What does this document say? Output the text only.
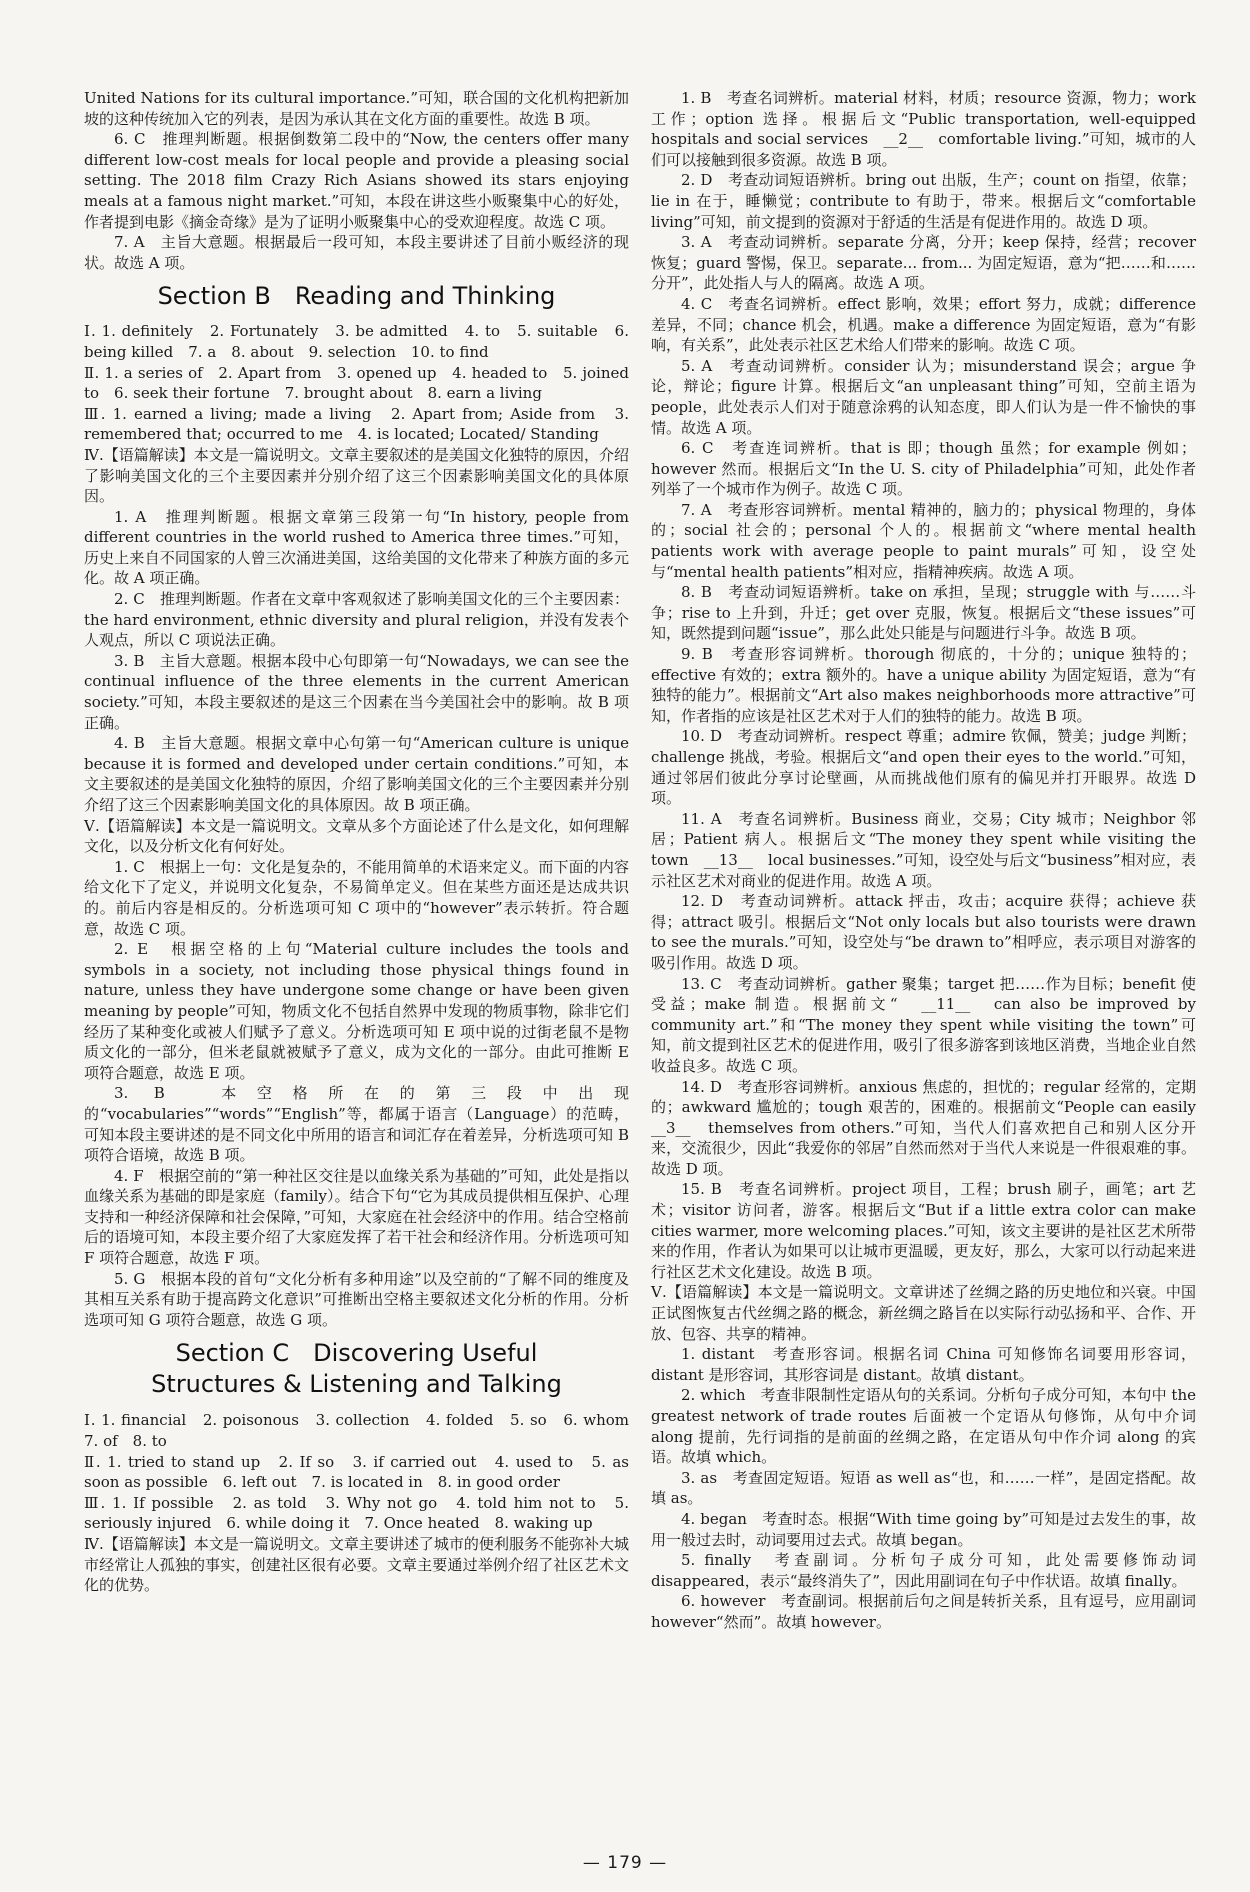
United Nations for its cultural importance.”可知，联合国的文化机构把新加坡的这种传统加入它的列表，是因为承认其在文化方面的重要性。故选 B 项。

6. C　推理判断题。根据倒数第二段中的“Now, the centers offer many different low-cost meals for local people and provide a pleasing social setting. The 2018 film Crazy Rich Asians showed its stars enjoying meals at a famous night market.”可知，本段在讲这些小贩聚集中心的好处，作者提到电影《摘金奇缘》是为了证明小贩聚集中心的受欢迎程度。故选 C 项。

7. A　主旨大意题。根据最后一段可知，本段主要讲述了目前小贩经济的现状。故选 A 项。

Section B　Reading and Thinking

Ⅰ. 1. definitely　2. Fortunately　3. be admitted　4. to　5. suitable　6. being killed　7. a　8. about　9. selection　10. to find

Ⅱ. 1. a series of　2. Apart from　3. opened up　4. headed to　5. joined to　6. seek their fortune　7. brought about　8. earn a living

Ⅲ. 1. earned a living; made a living　2. Apart from; Aside from　3. remembered that; occurred to me　4. is located; Located/ Standing

Ⅳ.【语篇解读】本文是一篇说明文。文章主要叙述的是美国文化独特的原因，介绍了影响美国文化的三个主要因素并分别介绍了这三个因素影响美国文化的具体原因。

1. A　推理判断题。根据文章第三段第一句“In history, people from different countries in the world rushed to America three times.”可知，历史上来自不同国家的人曾三次涌进美国，这给美国的文化带来了种族方面的多元化。故 A 项正确。

2. C　推理判断题。作者在文章中客观叙述了影响美国文化的三个主要因素：the hard environment, ethnic diversity and plural religion，并没有发表个人观点，所以 C 项说法正确。

3. B　主旨大意题。根据本段中心句即第一句“Nowadays, we can see the continual influence of the three elements in the current American society.”可知，本段主要叙述的是这三个因素在当今美国社会中的影响。故 B 项正确。

4. B　主旨大意题。根据文章中心句第一句“American culture is unique because it is formed and developed under certain conditions.”可知，本文主要叙述的是美国文化独特的原因，介绍了影响美国文化的三个主要因素并分别介绍了这三个因素影响美国文化的具体原因。故 B 项正确。

Ⅴ.【语篇解读】本文是一篇说明文。文章从多个方面论述了什么是文化，如何理解文化，以及分析文化有何好处。

1. C　根据上一句：文化是复杂的，不能用简单的术语来定义。而下面的内容给文化下了定义，并说明文化复杂，不易简单定义。但在某些方面还是达成共识的。前后内容是相反的。分析选项可知 C 项中的“however”表示转折。符合题意，故选 C 项。

2. E　根据空格的上句“Material culture includes the tools and symbols in a society, not including those physical things found in nature, unless they have undergone some change or have been given meaning by people”可知，物质文化不包括自然界中发现的物质事物，除非它们经历了某种变化或被人们赋予了意义。分析选项可知 E 项中说的过街老鼠不是物质文化的一部分，但米老鼠就被赋予了意义，成为文化的一部分。由此可推断 E 项符合题意，故选 E 项。

3. B　本空格所在的第三段中出现的“vocabularies”“words”“English”等，都属于语言（Language）的范畴，可知本段主要讲述的是不同文化中所用的语言和词汇存在着差异，分析选项可知 B 项符合语境，故选 B 项。

4. F　根据空前的“第一种社区交往是以血缘关系为基础的”可知，此处是指以血缘关系为基础的即是家庭（family）。结合下句“它为其成员提供相互保护、心理支持和一种经济保障和社会保障，”可知，大家庭在社会经济中的作用。结合空格前后的语境可知，本段主要介绍了大家庭发挥了若干社会和经济作用。分析选项可知 F 项符合题意，故选 F 项。

5. G　根据本段的首句“文化分析有多种用途”以及空前的“了解不同的维度及其相互关系有助于提高跨文化意识”可推断出空格主要叙述文化分析的作用。分析选项可知 G 项符合题意，故选 G 项。

Section C　Discovering Useful
Structures & Listening and Talking

Ⅰ. 1. financial　2. poisonous　3. collection　4. folded　5. so　6. whom　7. of　8. to

Ⅱ. 1. tried to stand up　2. If so　3. if carried out　4. used to　5. as soon as possible　6. left out　7. is located in　8. in good order

Ⅲ. 1. If possible　2. as told　3. Why not go　4. told him not to　5. seriously injured　6. while doing it　7. Once heated　8. waking up

Ⅳ.【语篇解读】本文是一篇说明文。文章主要讲述了城市的便利服务不能弥补大城市经常让人孤独的事实，创建社区很有必要。文章主要通过举例介绍了社区艺术文化的优势。

1. B　考查名词辨析。material 材料，材质；resource 资源，物力；work 工作；option 选择。根据后文“Public transportation, well-equipped hospitals and social services　__2__　comfortable living.”可知，城市的人们可以接触到很多资源。故选 B 项。

2. D　考查动词短语辨析。bring out 出版，生产；count on 指望，依靠；lie in 在于，睡懒觉；contribute to 有助于，带来。根据后文“comfortable living”可知，前文提到的资源对于舒适的生活是有促进作用的。故选 D 项。

3. A　考查动词辨析。separate 分离，分开；keep 保持，经营；recover 恢复；guard 警惕，保卫。separate... from... 为固定短语，意为“把……和……分开”，此处指人与人的隔离。故选 A 项。

4. C　考查名词辨析。effect 影响，效果；effort 努力，成就；difference 差异，不同；chance 机会，机遇。make a difference 为固定短语，意为“有影响，有关系”，此处表示社区艺术给人们带来的影响。故选 C 项。

5. A　考查动词辨析。consider 认为；misunderstand 误会；argue 争论，辩论；figure 计算。根据后文“an unpleasant thing”可知，空前主语为 people，此处表示人们对于随意涂鸦的认知态度，即人们认为是一件不愉快的事情。故选 A 项。

6. C　考查连词辨析。that is 即；though 虽然；for example 例如；however 然而。根据后文“In the U. S. city of Philadelphia”可知，此处作者列举了一个城市作为例子。故选 C 项。

7. A　考查形容词辨析。mental 精神的，脑力的；physical 物理的，身体的；social 社会的；personal 个人的。根据前文“where mental health patients work with average people to paint murals”可知，设空处与“mental health patients”相对应，指精神疾病。故选 A 项。

8. B　考查动词短语辨析。take on 承担，呈现；struggle with 与……斗争；rise to 上升到，升迁；get over 克服，恢复。根据后文“these issues”可知，既然提到问题“issue”，那么此处只能是与问题进行斗争。故选 B 项。

9. B　考查形容词辨析。thorough 彻底的，十分的；unique 独特的；effective 有效的；extra 额外的。have a unique ability 为固定短语，意为“有独特的能力”。根据前文“Art also makes neighborhoods more attractive”可知，作者指的应该是社区艺术对于人们的独特的能力。故选 B 项。

10. D　考查动词辨析。respect 尊重；admire 钦佩，赞美；judge 判断；challenge 挑战，考验。根据后文“and open their eyes to the world.”可知，通过邻居们彼此分享讨论壁画，从而挑战他们原有的偏见并打开眼界。故选 D 项。

11. A　考查名词辨析。Business 商业，交易；City 城市；Neighbor 邻居；Patient 病人。根据后文“The money they spent while visiting the town　__13__　local businesses.”可知，设空处与后文“business”相对应，表示社区艺术对商业的促进作用。故选 A 项。

12. D　考查动词辨析。attack 抨击，攻击；acquire 获得；achieve 获得；attract 吸引。根据后文“Not only locals but also tourists were drawn to see the murals.”可知，设空处与“be drawn to”相呼应，表示项目对游客的吸引作用。故选 D 项。

13. C　考查动词辨析。gather 聚集；target 把……作为目标；benefit 使受益；make 制造。根据前文“　__11__　can also be improved by community art.”和“The money they spent while visiting the town”可知，前文提到社区艺术的促进作用，吸引了很多游客到该地区消费，当地企业自然收益良多。故选 C 项。

14. D　考查形容词辨析。anxious 焦虑的，担忧的；regular 经常的，定期的；awkward 尴尬的；tough 艰苦的，困难的。根据前文“People can easily　__3__　themselves from others.”可知，当代人们喜欢把自己和别人区分开来，交流很少，因此“我爱你的邻居”自然而然对于当代人来说是一件很艰难的事。故选 D 项。

15. B　考查名词辨析。project 项目，工程；brush 刷子，画笔；art 艺术；visitor 访问者，游客。根据后文“But if a little extra color can make cities warmer, more welcoming places.”可知，该文主要讲的是社区艺术所带来的作用，作者认为如果可以让城市更温暖，更友好，那么，大家可以行动起来进行社区艺术文化建设。故选 B 项。

Ⅴ.【语篇解读】本文是一篇说明文。文章讲述了丝绸之路的历史地位和兴衰。中国正试图恢复古代丝绸之路的概念，新丝绸之路旨在以实际行动弘扬和平、合作、开放、包容、共享的精神。

1. distant　考查形容词。根据名词 China 可知修饰名词要用形容词，distant 是形容词，其形容词是 distant。故填 distant。

2. which　考查非限制性定语从句的关系词。分析句子成分可知，本句中 the greatest network of trade routes 后面被一个定语从句修饰，从句中介词 along 提前，先行词指的是前面的丝绸之路，在定语从句中作介词 along 的宾语。故填 which。

3. as　考查固定短语。短语 as well as“也，和……一样”，是固定搭配。故填 as。

4. began　考查时态。根据“With time going by”可知是过去发生的事，故用一般过去时，动词要用过去式。故填 began。

5. finally　考查副词。分析句子成分可知，此处需要修饰动词 disappeared，表示“最终消失了”，因此用副词在句子中作状语。故填 finally。

6. however　考查副词。根据前后句之间是转折关系，且有逗号，应用副词 however“然而”。故填 however。

— 179 —
